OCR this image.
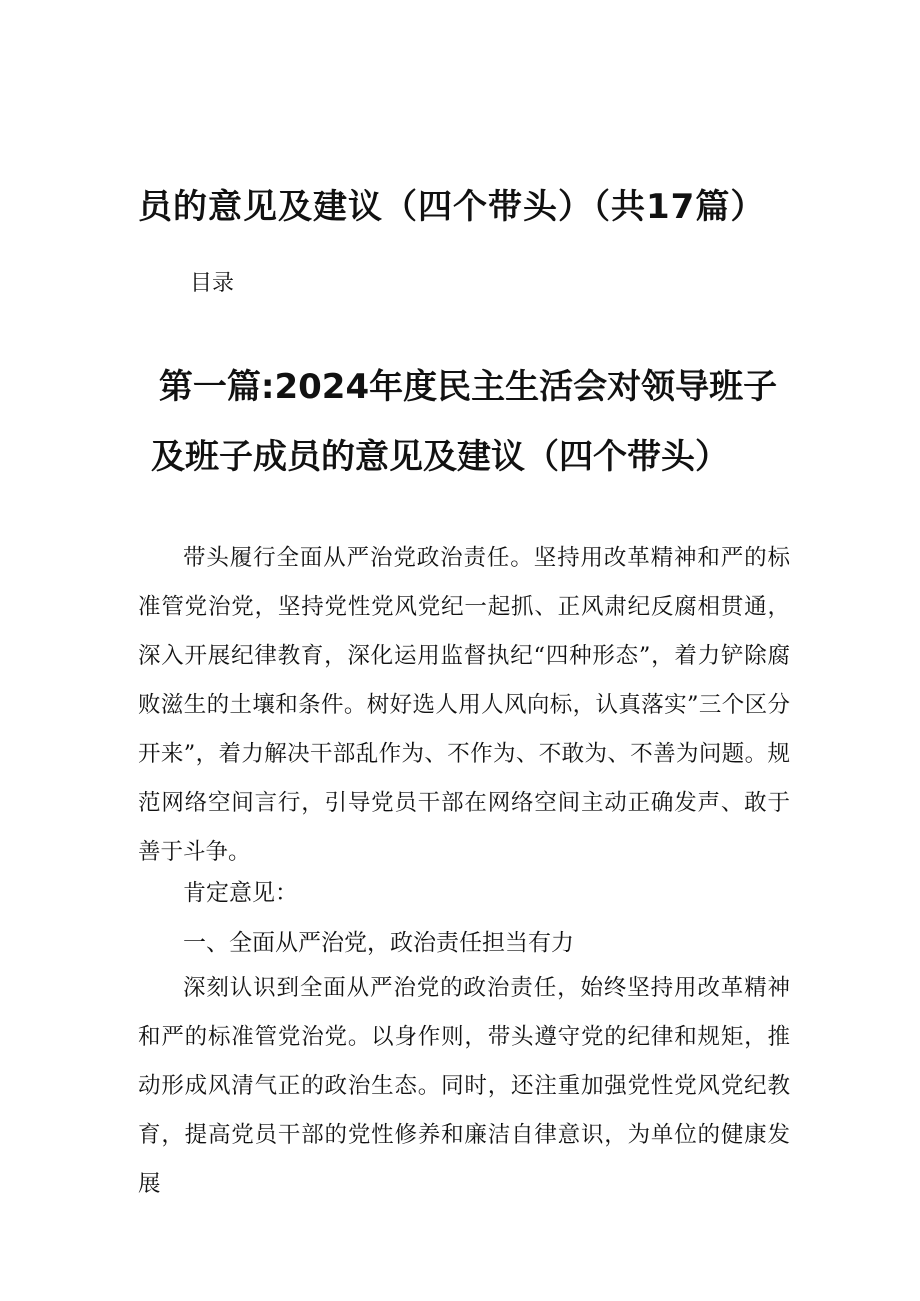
员的意见及建议（四个带头）（共17篇）
目录
第一篇:2024年度民主生活会对领导班子
及班子成员的意见及建议（四个带头）

带头履行全面从严治党政治责任。坚持用改革精神和严的标准管党治党，坚持党性党风党纪一起抓、正风肃纪反腐相贯通，深入开展纪律教育，深化运用监督执纪“四种形态”，着力铲除腐败滋生的土壤和条件。树好选人用人风向标，认真落实”三个区分开来”，着力解决干部乱作为、不作为、不敢为、不善为问题。规范网络空间言行，引导党员干部在网络空间主动正确发声、敢于善于斗争。

肯定意见：
一、全面从严治党，政治责任担当有力

深刻认识到全面从严治党的政治责任，始终坚持用改革精神和严的标准管党治党。以身作则，带头遵守党的纪律和规矩，推动形成风清气正的政治生态。同时，还注重加强党性党风党纪教育，提高党员干部的党性修养和廉洁自律意识，为单位的健康发展
